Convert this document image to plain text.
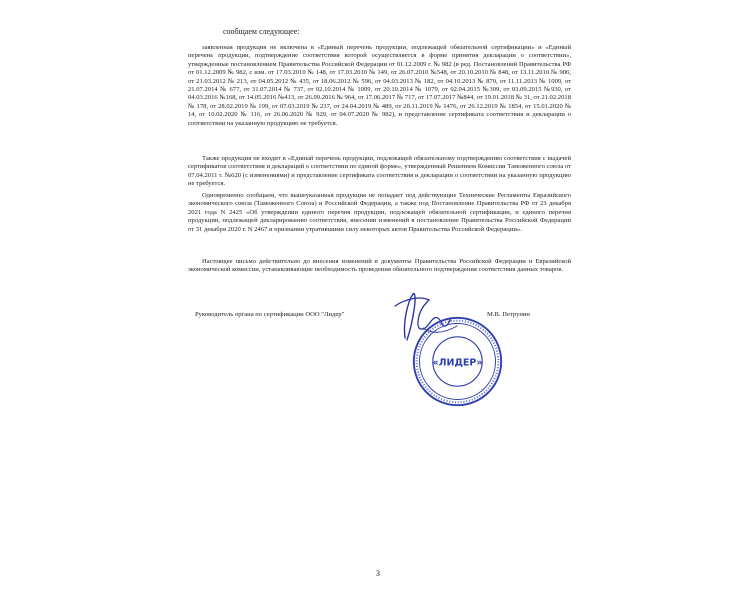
сообщаем следующее:

заявленная продукция не включена в «Единый перечень продукции, подлежащей обязательной сертификации» и «Единый перечень продукции, подтверждение соответствия которой осуществляется в форме принятия декларации о соответствии», утвержденные постановлением Правительства Российской Федерации от 01.12.2009 г. № 982 (в ред. Постановлений Правительства РФ от 01.12.2009 № 982, с изм. от 17.03.2010 № 148, от 17.03.2010 № 149, от 26.07.2010 №548, от 20.10.2010 № 848, от 13.11.2010 № 906, от 21.03.2012 № 213, от 04.05.2012 № 435, от 18.06.2012 № 596, от 04.03.2013 № 182, от 04.10.2013 № 870, от 11.11.2013 № 1009, от 21.07.2014 № 677, от 31.07.2014 № 737, от 02.10.2014 № 1009, от 20.10.2014 № 1079, от 02.04.2015 №309, от 03.09.2015 №930, от 04.03.2016 №168, от 14.05.2016 №413, от 26.09.2016 № 964, от 17.06.2017 № 717, от 17.07.2017 №844, от 19.01.2018 № 31, от 21.02.2018 № 178, от 28.02.2019 № 199, от 07.03.2019 № 237, от 24.04.2019 № 489, от 20.11.2019 № 1476, от 26.12.2019 № 1854, от 15.01.2020 № 14, от 10.02.2020 № 116, от 26.06.2020 № 929, от 04.07.2020 № 982), и представление сертификата соответствия и декларации о соответствии на указанную продукцию не требуется.

Также продукция не входит в «Единый перечень продукции, подлежащей обязательному подтверждению соответствия с выдачей сертификатов соответствия и деклараций о соответствии по единой форме», утвержденный Решением Комиссии Таможенного союза от 07.04.2011 г. №620 (с изменениями) и представление сертификата соответствия и декларации о соответствии на указанную продукцию не требуется.

Одновременно сообщаем, что вышеуказанная продукция не попадает под действующие Технические Регламенты Евразийского экономического союза (Таможенного Союза) и Российской Федерации, а также под Постановление Правительства РФ от 23 декабря 2021 года N 2425 «Об утверждении единого перечня продукции, подлежащей обязательной сертификации, и единого перечня продукции, подлежащей декларированию соответствия, внесении изменений в постановление Правительства Российской Федерации от 31 декабря 2020 г. N 2467 и признании утратившими силу некоторых актов Правительства Российской Федерации».

Настоящее письмо действительно до внесения изменений в документы Правительства Российской Федерации и Евразийской экономической комиссии, устанавливающие необходимость проведения обязательного подтверждения соответствия данных товаров.

Руководитель органа по сертификации ООО "Лидер"	М.В. Петрунин
«ЛИДЕР»
3
